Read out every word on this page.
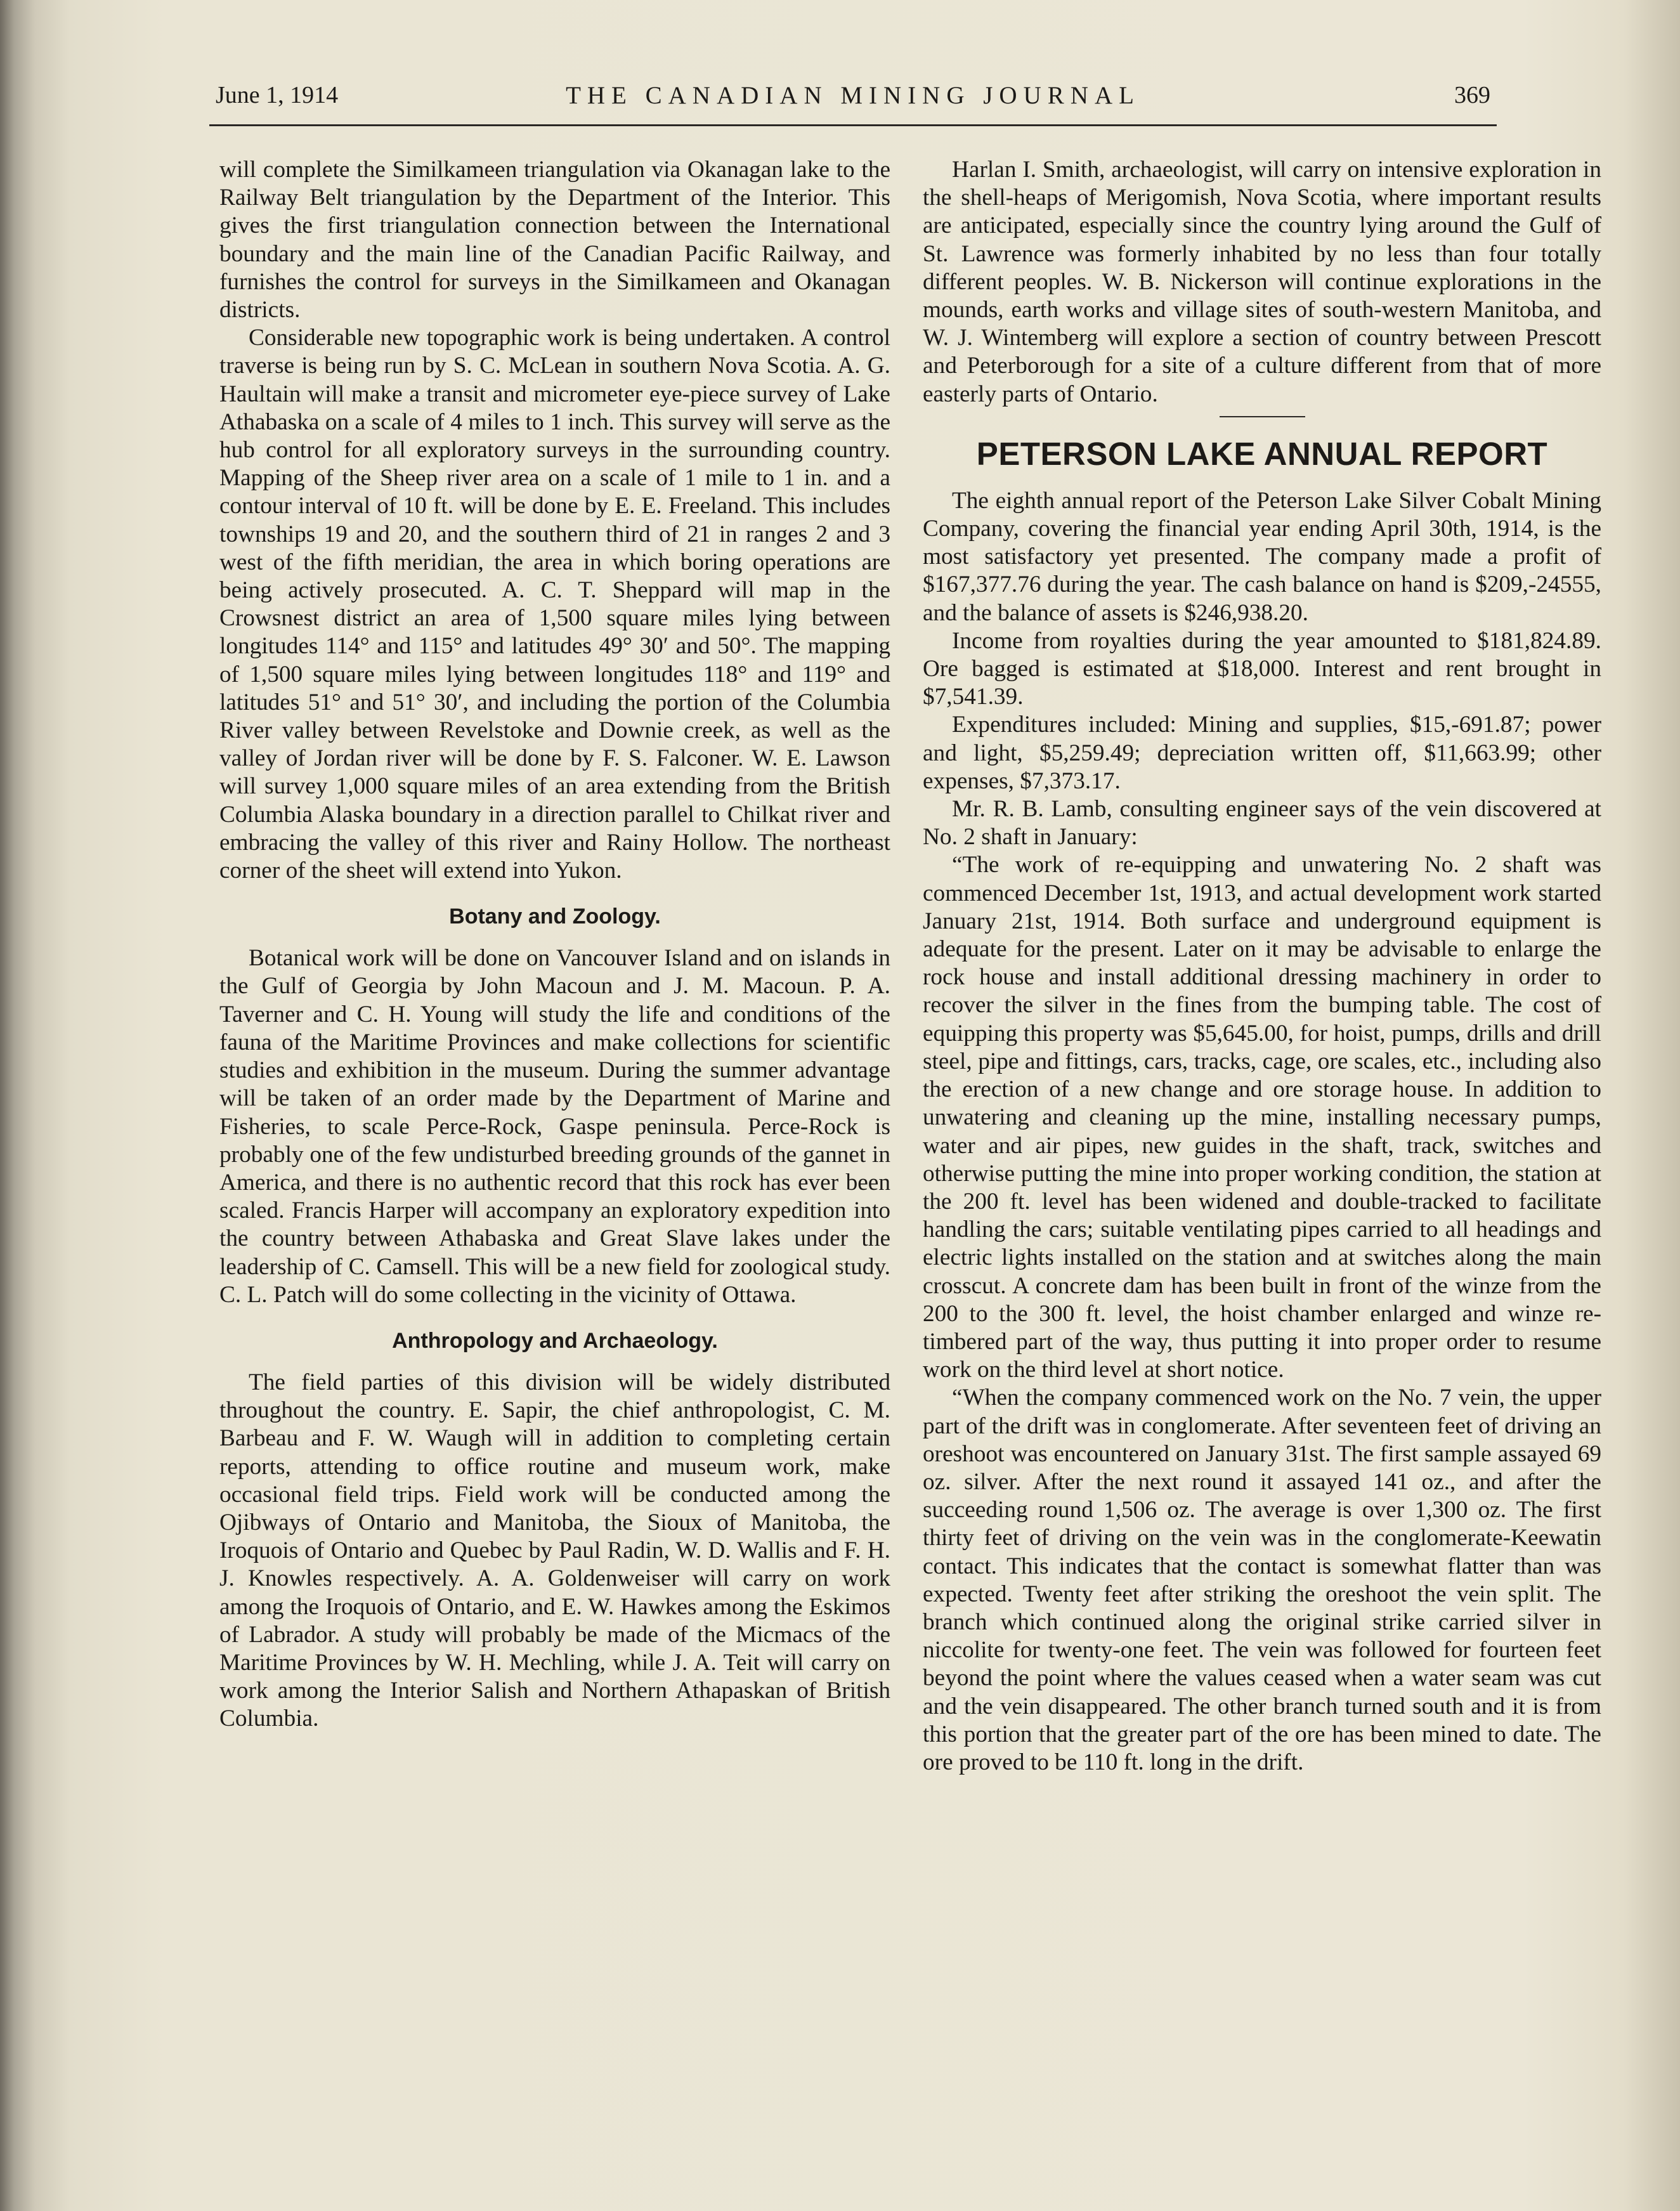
June 1, 1914	THE CANADIAN MINING JOURNAL	369

will complete the Similkameen triangulation via Okanagan lake to the Railway Belt triangulation by the Department of the Interior. This gives the first triangulation connection between the International boundary and the main line of the Canadian Pacific Railway, and furnishes the control for surveys in the Similkameen and Okanagan districts.

Considerable new topographic work is being undertaken. A control traverse is being run by S. C. McLean in southern Nova Scotia. A. G. Haultain will make a transit and micrometer eye-piece survey of Lake Athabaska on a scale of 4 miles to 1 inch. This survey will serve as the hub control for all exploratory surveys in the surrounding country. Mapping of the Sheep river area on a scale of 1 mile to 1 in. and a contour interval of 10 ft. will be done by E. E. Freeland. This includes townships 19 and 20, and the southern third of 21 in ranges 2 and 3 west of the fifth meridian, the area in which boring operations are being actively prosecuted. A. C. T. Sheppard will map in the Crowsnest district an area of 1,500 square miles lying between longitudes 114° and 115° and latitudes 49° 30′ and 50°. The mapping of 1,500 square miles lying between longitudes 118° and 119° and latitudes 51° and 51° 30′, and including the portion of the Columbia River valley between Revelstoke and Downie creek, as well as the valley of Jordan river will be done by F. S. Falconer. W. E. Lawson will survey 1,000 square miles of an area extending from the British Columbia Alaska boundary in a direction parallel to Chilkat river and embracing the valley of this river and Rainy Hollow. The northeast corner of the sheet will extend into Yukon.

Botany and Zoology.

Botanical work will be done on Vancouver Island and on islands in the Gulf of Georgia by John Macoun and J. M. Macoun. P. A. Taverner and C. H. Young will study the life and conditions of the fauna of the Maritime Provinces and make collections for scientific studies and exhibition in the museum. During the summer advantage will be taken of an order made by the Department of Marine and Fisheries, to scale Perce-Rock, Gaspe peninsula. Perce-Rock is probably one of the few undisturbed breeding grounds of the gannet in America, and there is no authentic record that this rock has ever been scaled. Francis Harper will accompany an exploratory expedition into the country between Athabaska and Great Slave lakes under the leadership of C. Camsell. This will be a new field for zoological study. C. L. Patch will do some collecting in the vicinity of Ottawa.

Anthropology and Archaeology.

The field parties of this division will be widely distributed throughout the country. E. Sapir, the chief anthropologist, C. M. Barbeau and F. W. Waugh will in addition to completing certain reports, attending to office routine and museum work, make occasional field trips. Field work will be conducted among the Ojibways of Ontario and Manitoba, the Sioux of Manitoba, the Iroquois of Ontario and Quebec by Paul Radin, W. D. Wallis and F. H. J. Knowles respectively. A. A. Goldenweiser will carry on work among the Iroquois of Ontario, and E. W. Hawkes among the Eskimos of Labrador. A study will probably be made of the Micmacs of the Maritime Provinces by W. H. Mechling, while J. A. Teit will carry on work among the Interior Salish and Northern Athapaskan of British Columbia.

Harlan I. Smith, archaeologist, will carry on intensive exploration in the shell-heaps of Merigomish, Nova Scotia, where important results are anticipated, especially since the country lying around the Gulf of St. Lawrence was formerly inhabited by no less than four totally different peoples. W. B. Nickerson will continue explorations in the mounds, earth works and village sites of south-western Manitoba, and W. J. Wintemberg will explore a section of country between Prescott and Peterborough for a site of a culture different from that of more easterly parts of Ontario.

PETERSON LAKE ANNUAL REPORT

The eighth annual report of the Peterson Lake Silver Cobalt Mining Company, covering the financial year ending April 30th, 1914, is the most satisfactory yet presented. The company made a profit of $167,377.76 during the year. The cash balance on hand is $209,-24555, and the balance of assets is $246,938.20.

Income from royalties during the year amounted to $181,824.89. Ore bagged is estimated at $18,000. Interest and rent brought in $7,541.39.

Expenditures included: Mining and supplies, $15,-691.87; power and light, $5,259.49; depreciation written off, $11,663.99; other expenses, $7,373.17.

Mr. R. B. Lamb, consulting engineer says of the vein discovered at No. 2 shaft in January:

“The work of re-equipping and unwatering No. 2 shaft was commenced December 1st, 1913, and actual development work started January 21st, 1914. Both surface and underground equipment is adequate for the present. Later on it may be advisable to enlarge the rock house and install additional dressing machinery in order to recover the silver in the fines from the bumping table. The cost of equipping this property was $5,645.00, for hoist, pumps, drills and drill steel, pipe and fittings, cars, tracks, cage, ore scales, etc., including also the erection of a new change and ore storage house. In addition to unwatering and cleaning up the mine, installing necessary pumps, water and air pipes, new guides in the shaft, track, switches and otherwise putting the mine into proper working condition, the station at the 200 ft. level has been widened and double-tracked to facilitate handling the cars; suitable ventilating pipes carried to all headings and electric lights installed on the station and at switches along the main crosscut. A concrete dam has been built in front of the winze from the 200 to the 300 ft. level, the hoist chamber enlarged and winze re-timbered part of the way, thus putting it into proper order to resume work on the third level at short notice.

“When the company commenced work on the No. 7 vein, the upper part of the drift was in conglomerate. After seventeen feet of driving an oreshoot was encountered on January 31st. The first sample assayed 69 oz. silver. After the next round it assayed 141 oz., and after the succeeding round 1,506 oz. The average is over 1,300 oz. The first thirty feet of driving on the vein was in the conglomerate-Keewatin contact. This indicates that the contact is somewhat flatter than was expected. Twenty feet after striking the oreshoot the vein split. The branch which continued along the original strike carried silver in niccolite for twenty-one feet. The vein was followed for fourteen feet beyond the point where the values ceased when a water seam was cut and the vein disappeared. The other branch turned south and it is from this portion that the greater part of the ore has been mined to date. The ore proved to be 110 ft. long in the drift.
